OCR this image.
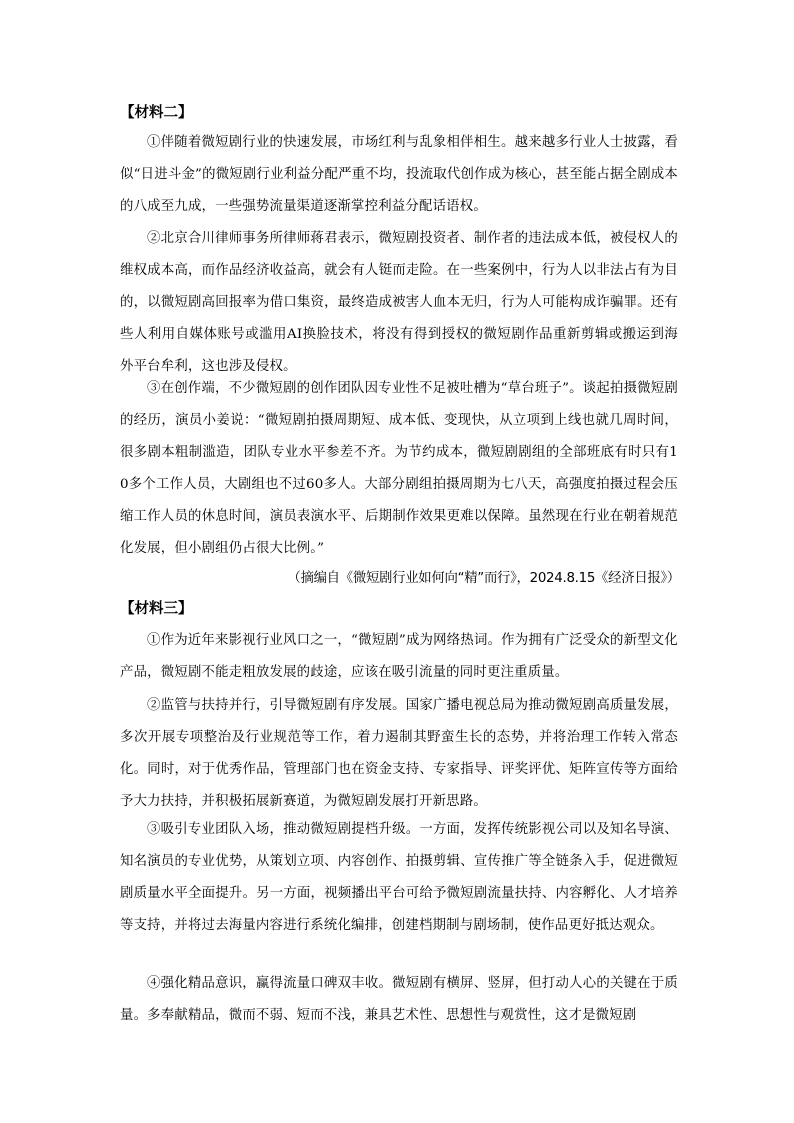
【材料二】

①伴随着微短剧行业的快速发展，市场红利与乱象相伴相生。越来越多行业人士披露，看似“日进斗金”的微短剧行业利益分配严重不均，投流取代创作成为核心，甚至能占据全剧成本的八成至九成，一些强势流量渠道逐渐掌控利益分配话语权。

②北京合川律师事务所律师蒋君表示，微短剧投资者、制作者的违法成本低，被侵权人的维权成本高，而作品经济收益高，就会有人铤而走险。在一些案例中，行为人以非法占有为目的，以微短剧高回报率为借口集资，最终造成被害人血本无归，行为人可能构成诈骗罪。还有些人利用自媒体账号或滥用AI换脸技术，将没有得到授权的微短剧作品重新剪辑或搬运到海外平台牟利，这也涉及侵权。

③在创作端，不少微短剧的创作团队因专业性不足被吐槽为“草台班子”。谈起拍摄微短剧的经历，演员小姜说：“微短剧拍摄周期短、成本低、变现快，从立项到上线也就几周时间，很多剧本粗制滥造，团队专业水平参差不齐。为节约成本，微短剧剧组的全部班底有时只有10多个工作人员，大剧组也不过60多人。大部分剧组拍摄周期为七八天，高强度拍摄过程会压缩工作人员的休息时间，演员表演水平、后期制作效果更难以保障。虽然现在行业在朝着规范化发展，但小剧组仍占很大比例。”

（摘编自《微短剧行业如何向“精”而行》，2024.8.15《经济日报》）
【材料三】

①作为近年来影视行业风口之一，“微短剧”成为网络热词。作为拥有广泛受众的新型文化产品，微短剧不能走粗放发展的歧途，应该在吸引流量的同时更注重质量。

②监管与扶持并行，引导微短剧有序发展。国家广播电视总局为推动微短剧高质量发展，多次开展专项整治及行业规范等工作，着力遏制其野蛮生长的态势，并将治理工作转入常态化。同时，对于优秀作品，管理部门也在资金支持、专家指导、评奖评优、矩阵宣传等方面给予大力扶持，并积极拓展新赛道，为微短剧发展打开新思路。

③吸引专业团队入场，推动微短剧提档升级。一方面，发挥传统影视公司以及知名导演、知名演员的专业优势，从策划立项、内容创作、拍摄剪辑、宣传推广等全链条入手，促进微短剧质量水平全面提升。另一方面，视频播出平台可给予微短剧流量扶持、内容孵化、人才培养等支持，并将过去海量内容进行系统化编排，创建档期制与剧场制，使作品更好抵达观众。

④强化精品意识，赢得流量口碑双丰收。微短剧有横屏、竖屏，但打动人心的关键在于质量。多奉献精品，微而不弱、短而不浅，兼具艺术性、思想性与观赏性，这才是微短剧
